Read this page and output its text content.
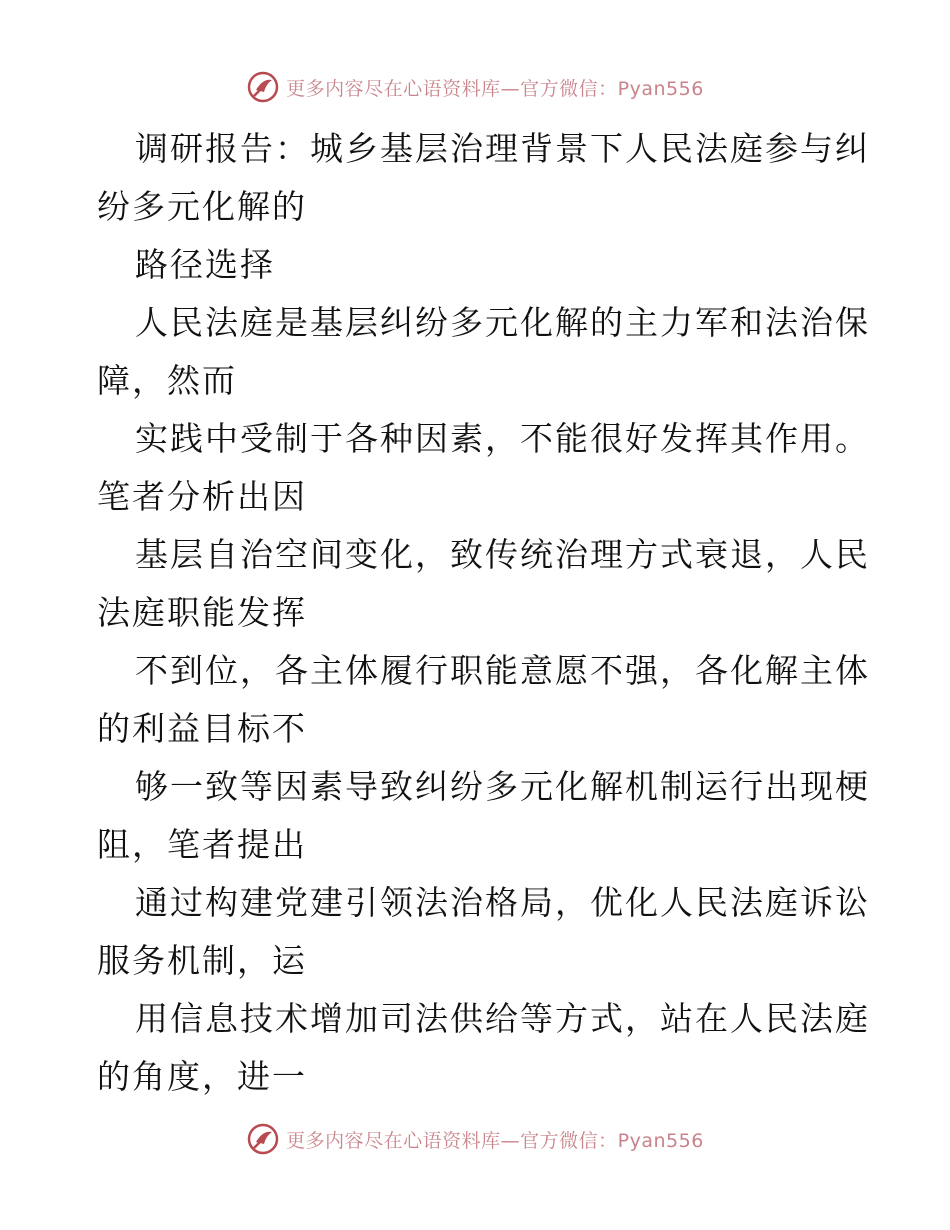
更多内容尽在心语资料库—官方微信：Pyan556

调研报告：城乡基层治理背景下人民法庭参与纠
纷多元化解的
路径选择
人民法庭是基层纠纷多元化解的主力军和法治保
障，然而
实践中受制于各种因素，不能很好发挥其作用。
笔者分析出因
基层自治空间变化，致传统治理方式衰退，人民
法庭职能发挥
不到位，各主体履行职能意愿不强，各化解主体
的利益目标不
够一致等因素导致纠纷多元化解机制运行出现梗
阻，笔者提出
通过构建党建引领法治格局，优化人民法庭诉讼
服务机制，运
用信息技术增加司法供给等方式，站在人民法庭
的角度，进一

更多内容尽在心语资料库—官方微信：Pyan556
